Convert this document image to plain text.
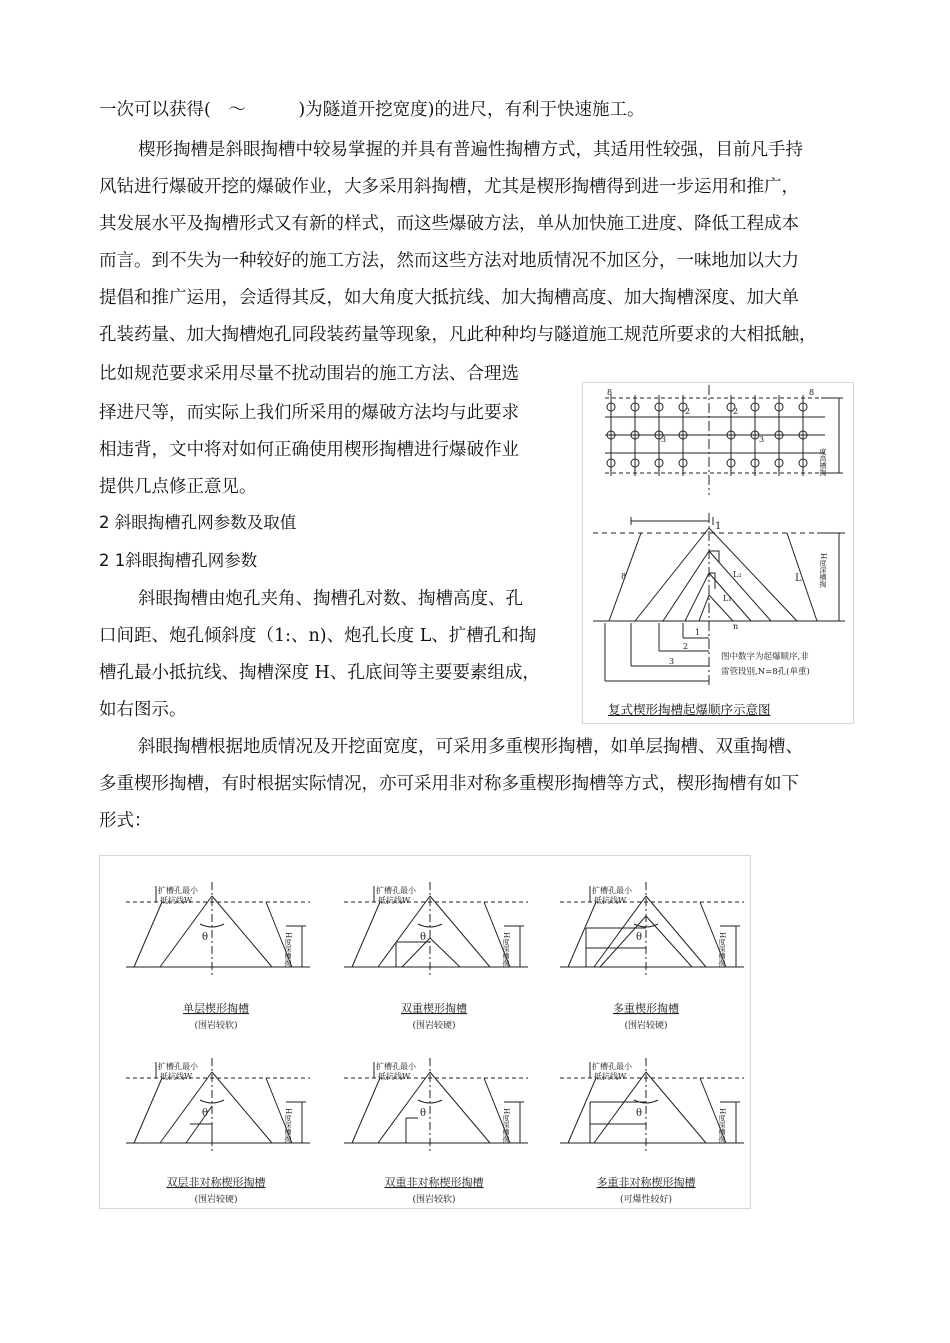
一次可以获得(　～　　　)为隧道开挖宽度)的进尺，有利于快速施工。
楔形掏槽是斜眼掏槽中较易掌握的并具有普遍性掏槽方式，其适用性较强，目前凡手持
风钻进行爆破开挖的爆破作业，大多采用斜掏槽，尤其是楔形掏槽得到进一步运用和推广，
其发展水平及掏槽形式又有新的样式，而这些爆破方法，单从加快施工进度、降低工程成本
而言。到不失为一种较好的施工方法，然而这些方法对地质情况不加区分，一味地加以大力
提倡和推广运用，会适得其反，如大角度大抵抗线、加大掏槽高度、加大掏槽深度、加大单
孔装药量、加大掏槽炮孔同段装药量等现象，凡此种种均与隧道施工规范所要求的大相抵触，
比如规范要求采用尽量不扰动围岩的施工方法、合理选
择进尺等，而实际上我们所采用的爆破方法均与此要求
相违背，文中将对如何正确使用楔形掏槽进行爆破作业
提供几点修正意见。
2 斜眼掏槽孔网参数及取值
2 1斜眼掏槽孔网参数
斜眼掏槽由炮孔夹角、掏槽孔对数、掏槽高度、孔
口间距、炮孔倾斜度（1:、n)、炮孔长度 L、扩槽孔和掏
槽孔最小抵抗线、掏槽深度 H、孔底间等主要要素组成，
如右图示。
斜眼掏槽根据地质情况及开挖面宽度，可采用多重楔形掏槽，如单层掏槽、双重掏槽、
多重楔形掏槽，有时根据实际情况，亦可采用非对称多重楔形掏槽等方式，楔形掏槽有如下
形式：
8	8
2	2
3	3
1
8
度高槽掏
H度深槽掏
L
L₂
L₁
n
1
2
3	图中数字为起爆顺序,非
雷管段别,N=8孔(单重)
复式楔形掏槽起爆顺序示意图
扩槽孔最小
抵抗线W
扩槽孔最小
抵抗线W
扩槽孔最小
抵抗线W
扩槽孔最小
抵抗线W
扩槽孔最小
抵抗线W
扩槽孔最小
抵抗线W
θ	θ	θ
θ	θ	θ
H度深槽掏	H度深槽掏	H度深槽掏
H度深槽掏	H度深槽掏	H度深槽掏
单层楔形掏槽
(围岩较软)
双重楔形掏槽
(围岩较硬)
多重楔形掏槽
(围岩较硬)
双层非对称楔形掏槽
(围岩较硬)
双重非对称楔形掏槽
(围岩较软)
多重非对称楔形掏槽
(可爆性较好)
